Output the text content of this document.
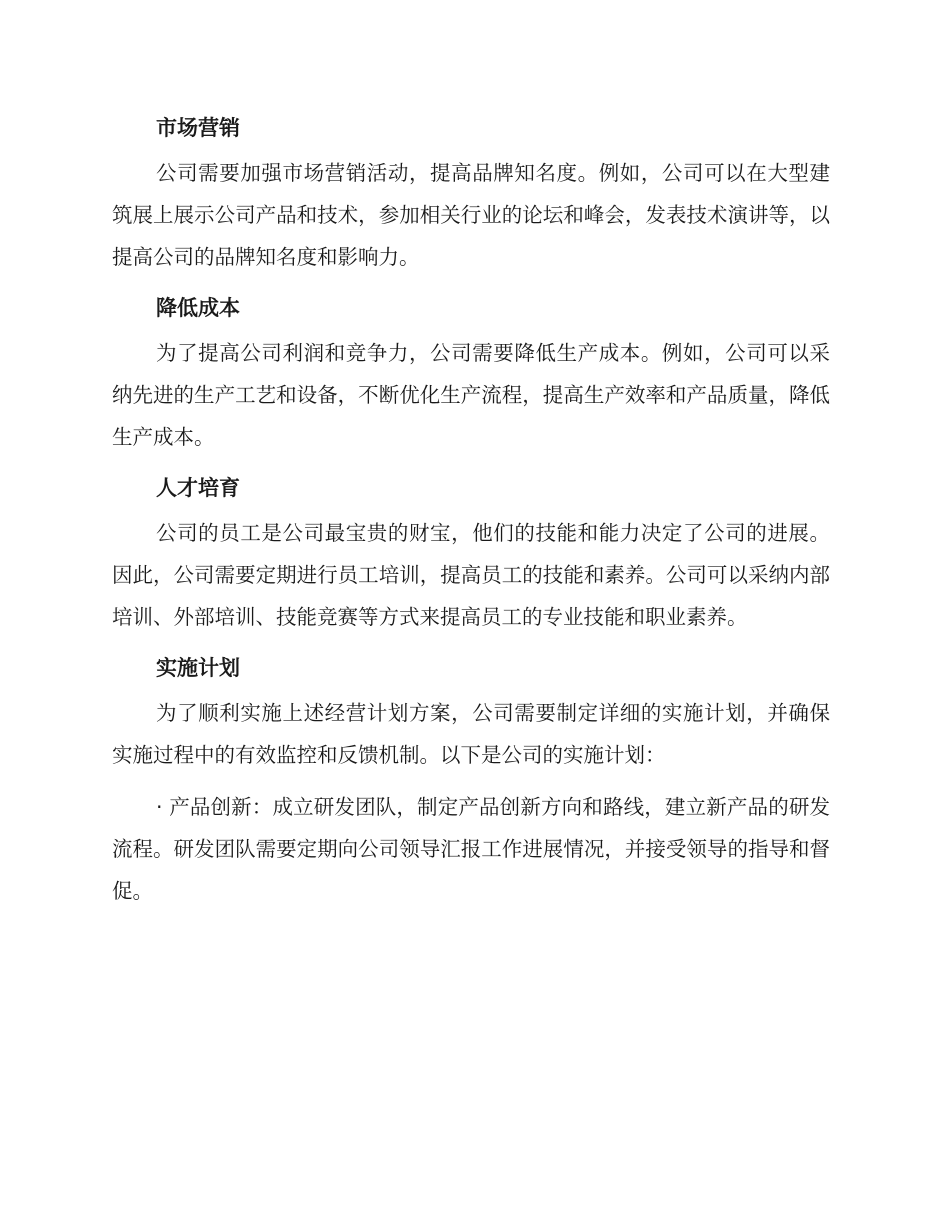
市场营销

公司需要加强市场营销活动，提高品牌知名度。例如，公司可以在大型建筑展上展示公司产品和技术，参加相关行业的论坛和峰会，发表技术演讲等，以提高公司的品牌知名度和影响力。

降低成本

为了提高公司利润和竞争力，公司需要降低生产成本。例如，公司可以采纳先进的生产工艺和设备，不断优化生产流程，提高生产效率和产品质量，降低生产成本。

人才培育

公司的员工是公司最宝贵的财宝，他们的技能和能力决定了公司的进展。因此，公司需要定期进行员工培训，提高员工的技能和素养。公司可以采纳内部培训、外部培训、技能竞赛等方式来提高员工的专业技能和职业素养。

实施计划

为了顺利实施上述经营计划方案，公司需要制定详细的实施计划，并确保实施过程中的有效监控和反馈机制。以下是公司的实施计划：

· 产品创新：成立研发团队，制定产品创新方向和路线，建立新产品的研发流程。研发团队需要定期向公司领导汇报工作进展情况，并接受领导的指导和督促。
